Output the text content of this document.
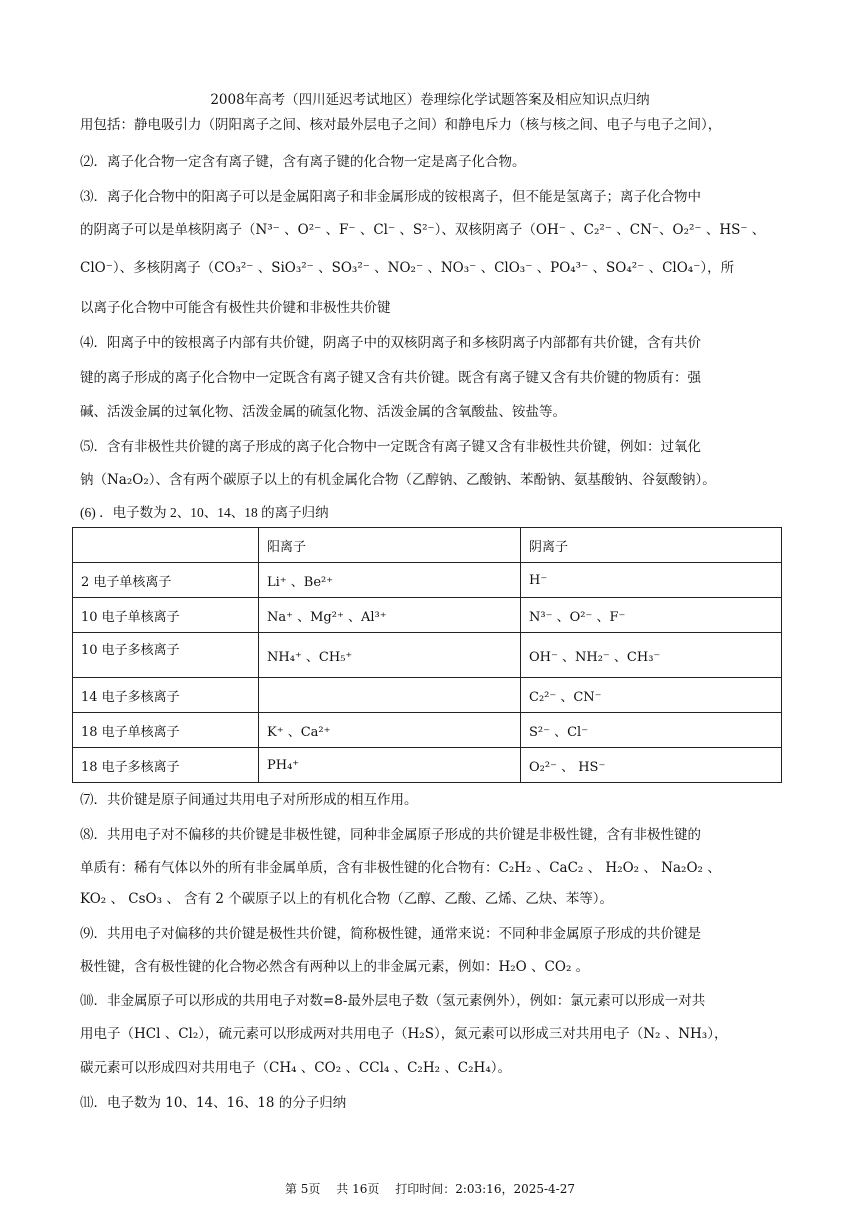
2008年高考（四川延迟考试地区）卷理综化学试题答案及相应知识点归纳
用包括：静电吸引力（阴阳离子之间、核对最外层电子之间）和静电斥力（核与核之间、电子与电子之间），
⑵．离子化合物一定含有离子键，含有离子键的化合物一定是离子化合物。
⑶．离子化合物中的阳离子可以是金属阳离子和非金属形成的铵根离子，但不能是氢离子；离子化合物中
的阴离子可以是单核阴离子（N³⁻ 、O²⁻ 、F⁻ 、Cl⁻ 、S²⁻）、双核阴离子（OH⁻ 、C₂²⁻ 、CN⁻、O₂²⁻ 、HS⁻ 、
ClO⁻）、多核阴离子（CO₃²⁻ 、SiO₃²⁻ 、SO₃²⁻ 、NO₂⁻ 、NO₃⁻ 、ClO₃⁻ 、PO₄³⁻ 、SO₄²⁻ 、ClO₄⁻），所
以离子化合物中可能含有极性共价键和非极性共价键
⑷．阳离子中的铵根离子内部有共价键，阴离子中的双核阴离子和多核阴离子内部都有共价键，含有共价
键的离子形成的离子化合物中一定既含有离子键又含有共价键。既含有离子键又含有共价键的物质有：强
碱、活泼金属的过氧化物、活泼金属的硫氢化物、活泼金属的含氧酸盐、铵盐等。
⑸．含有非极性共价键的离子形成的离子化合物中一定既含有离子键又含有非极性共价键，例如：过氧化
钠（Na₂O₂）、含有两个碳原子以上的有机金属化合物（乙醇钠、乙酸钠、苯酚钠、氨基酸钠、谷氨酸钠）。
(6) ．电子数为 2、10、14、18 的离子归纳
	阳离子	阴离子
2 电子单核离子	Li⁺ 、Be²⁺	H⁻
10 电子单核离子	Na⁺ 、Mg²⁺ 、Al³⁺	N³⁻ 、O²⁻ 、F⁻
10 电子多核离子	NH₄⁺ 、CH₅⁺	OH⁻ 、NH₂⁻ 、CH₃⁻
14 电子多核离子		C₂²⁻ 、CN⁻
18 电子单核离子	K⁺ 、Ca²⁺	S²⁻ 、Cl⁻
18 电子多核离子	PH₄⁺	O₂²⁻ 、 HS⁻
⑺．共价键是原子间通过共用电子对所形成的相互作用。
⑻．共用电子对不偏移的共价键是非极性键，同种非金属原子形成的共价键是非极性键，含有非极性键的
单质有：稀有气体以外的所有非金属单质，含有非极性键的化合物有：C₂H₂ 、CaC₂ 、 H₂O₂ 、 Na₂O₂ 、
KO₂ 、 CsO₃ 、 含有 2 个碳原子以上的有机化合物（乙醇、乙酸、乙烯、乙炔、苯等）。
⑼．共用电子对偏移的共价键是极性共价键，简称极性键，通常来说：不同种非金属原子形成的共价键是
极性键，含有极性键的化合物必然含有两种以上的非金属元素，例如：H₂O 、CO₂ 。
⑽．非金属原子可以形成的共用电子对数=8-最外层电子数（氢元素例外），例如：氯元素可以形成一对共
用电子（HCl 、Cl₂），硫元素可以形成两对共用电子（H₂S），氮元素可以形成三对共用电子（N₂ 、NH₃），
碳元素可以形成四对共用电子（CH₄ 、CO₂ 、CCl₄ 、C₂H₂ 、C₂H₄）。
⑾．电子数为 10、14、16、18 的分子归纳
第 5页 共 16页 打印时间：2:03:16，2025-4-27
